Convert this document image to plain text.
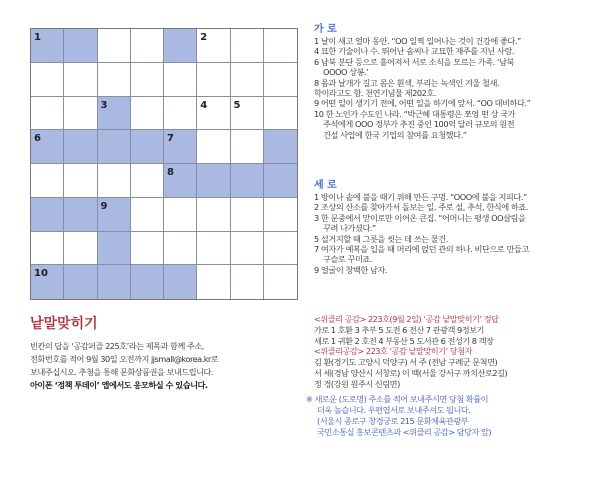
1	2
3	4	5
6	7
8
9
10
가 로
1 날이 새고 얼마 동안. “OO 일찍 일어나는 것이 건강에 좋다.”
4 묘한 기술이나 수. 뛰어난 솜씨나 교묘한 재주를 지닌 사람.
6 남북 분단 등으로 흩어져서 서로 소식을 모르는 가족. ‘남북
OOOO 상봉.’
8 몸과 날개가 길고 몸은 흰색, 부리는 녹색인 겨울 철새.
학이라고도 함. 천연기념물 제202호.
9 어떤 일이 생기기 전에, 어떤 일을 하기에 앞서. “OO 대비하다.”
10 한 노인가 수도인 나라. “박근혜 대통령은 쪼엉 떤 상 국가
주석에게 OOO 정부가 추진 중인 100억 달러 규모의 원전
건설 사업에 한국 기업의 참여를 요청했다.”
세 로
1 방이나 솥에 불을 때기 위해 만든 구멍. “OOO에 불을 지피다.”
2 조상의 산소를 찾아가서 돌보는 일. 주로 설, 추석, 한식에 하죠.
3 한 문중에서 맏이로만 이어온 큰집. “어머니는 평생 OO살림을
꾸려 나가셨다.”
5 설거지할 때 그릇을 씻는 데 쓰는 물건.
7 여자가 예복을 입을 때 머리에 얹던 관의 하나. 비단으로 만들고
구슬로 꾸미죠.
9 얼굴이 창백한 남자.
낱말맞히기
빈칸의 답을 ‘공감퍼즐 225호’라는 제목과 함께 주소,
전화번호를 적어 9월 30일 오전까지 jjsmall@korea.kr로
보내주십시오. 추첨을 통해 문화상품권을 보내드립니다.
아이폰 ‘정책 투데이’ 앱에서도 응모하실 수 있습니다.
<위클리 공감> 223호(9월 2일) ‘공감 낱말맞히기’ 정답
가로 1 호환 3 추부 5 도전 6 전산 7 관광객 9정보기
세로 1 귀환 2 호전 4 부동산 5 도서관 6 전성기 8 객장
<위클리공감> 223호 ‘공감 낱말맞히기’ 당첨자
김 환(경기도 고양시 덕양구) 서 주 (전남 구례군 문척면)
서 세(경남 양산시 서창로) 이 백(서울 강서구 까치산로2길)
정 경(강원 원주시 신림면)
※ 새로운 (도로명) 주소를 적어 보내주시면 당첨 확률이
더욱 높습니다. 우편엽서로 보내주셔도 됩니다.
(서울시 종로구 창경궁로 215 문화체육관광부
국민소통실 홍보콘텐츠과 <위클리 공감> 담당자 앞)
